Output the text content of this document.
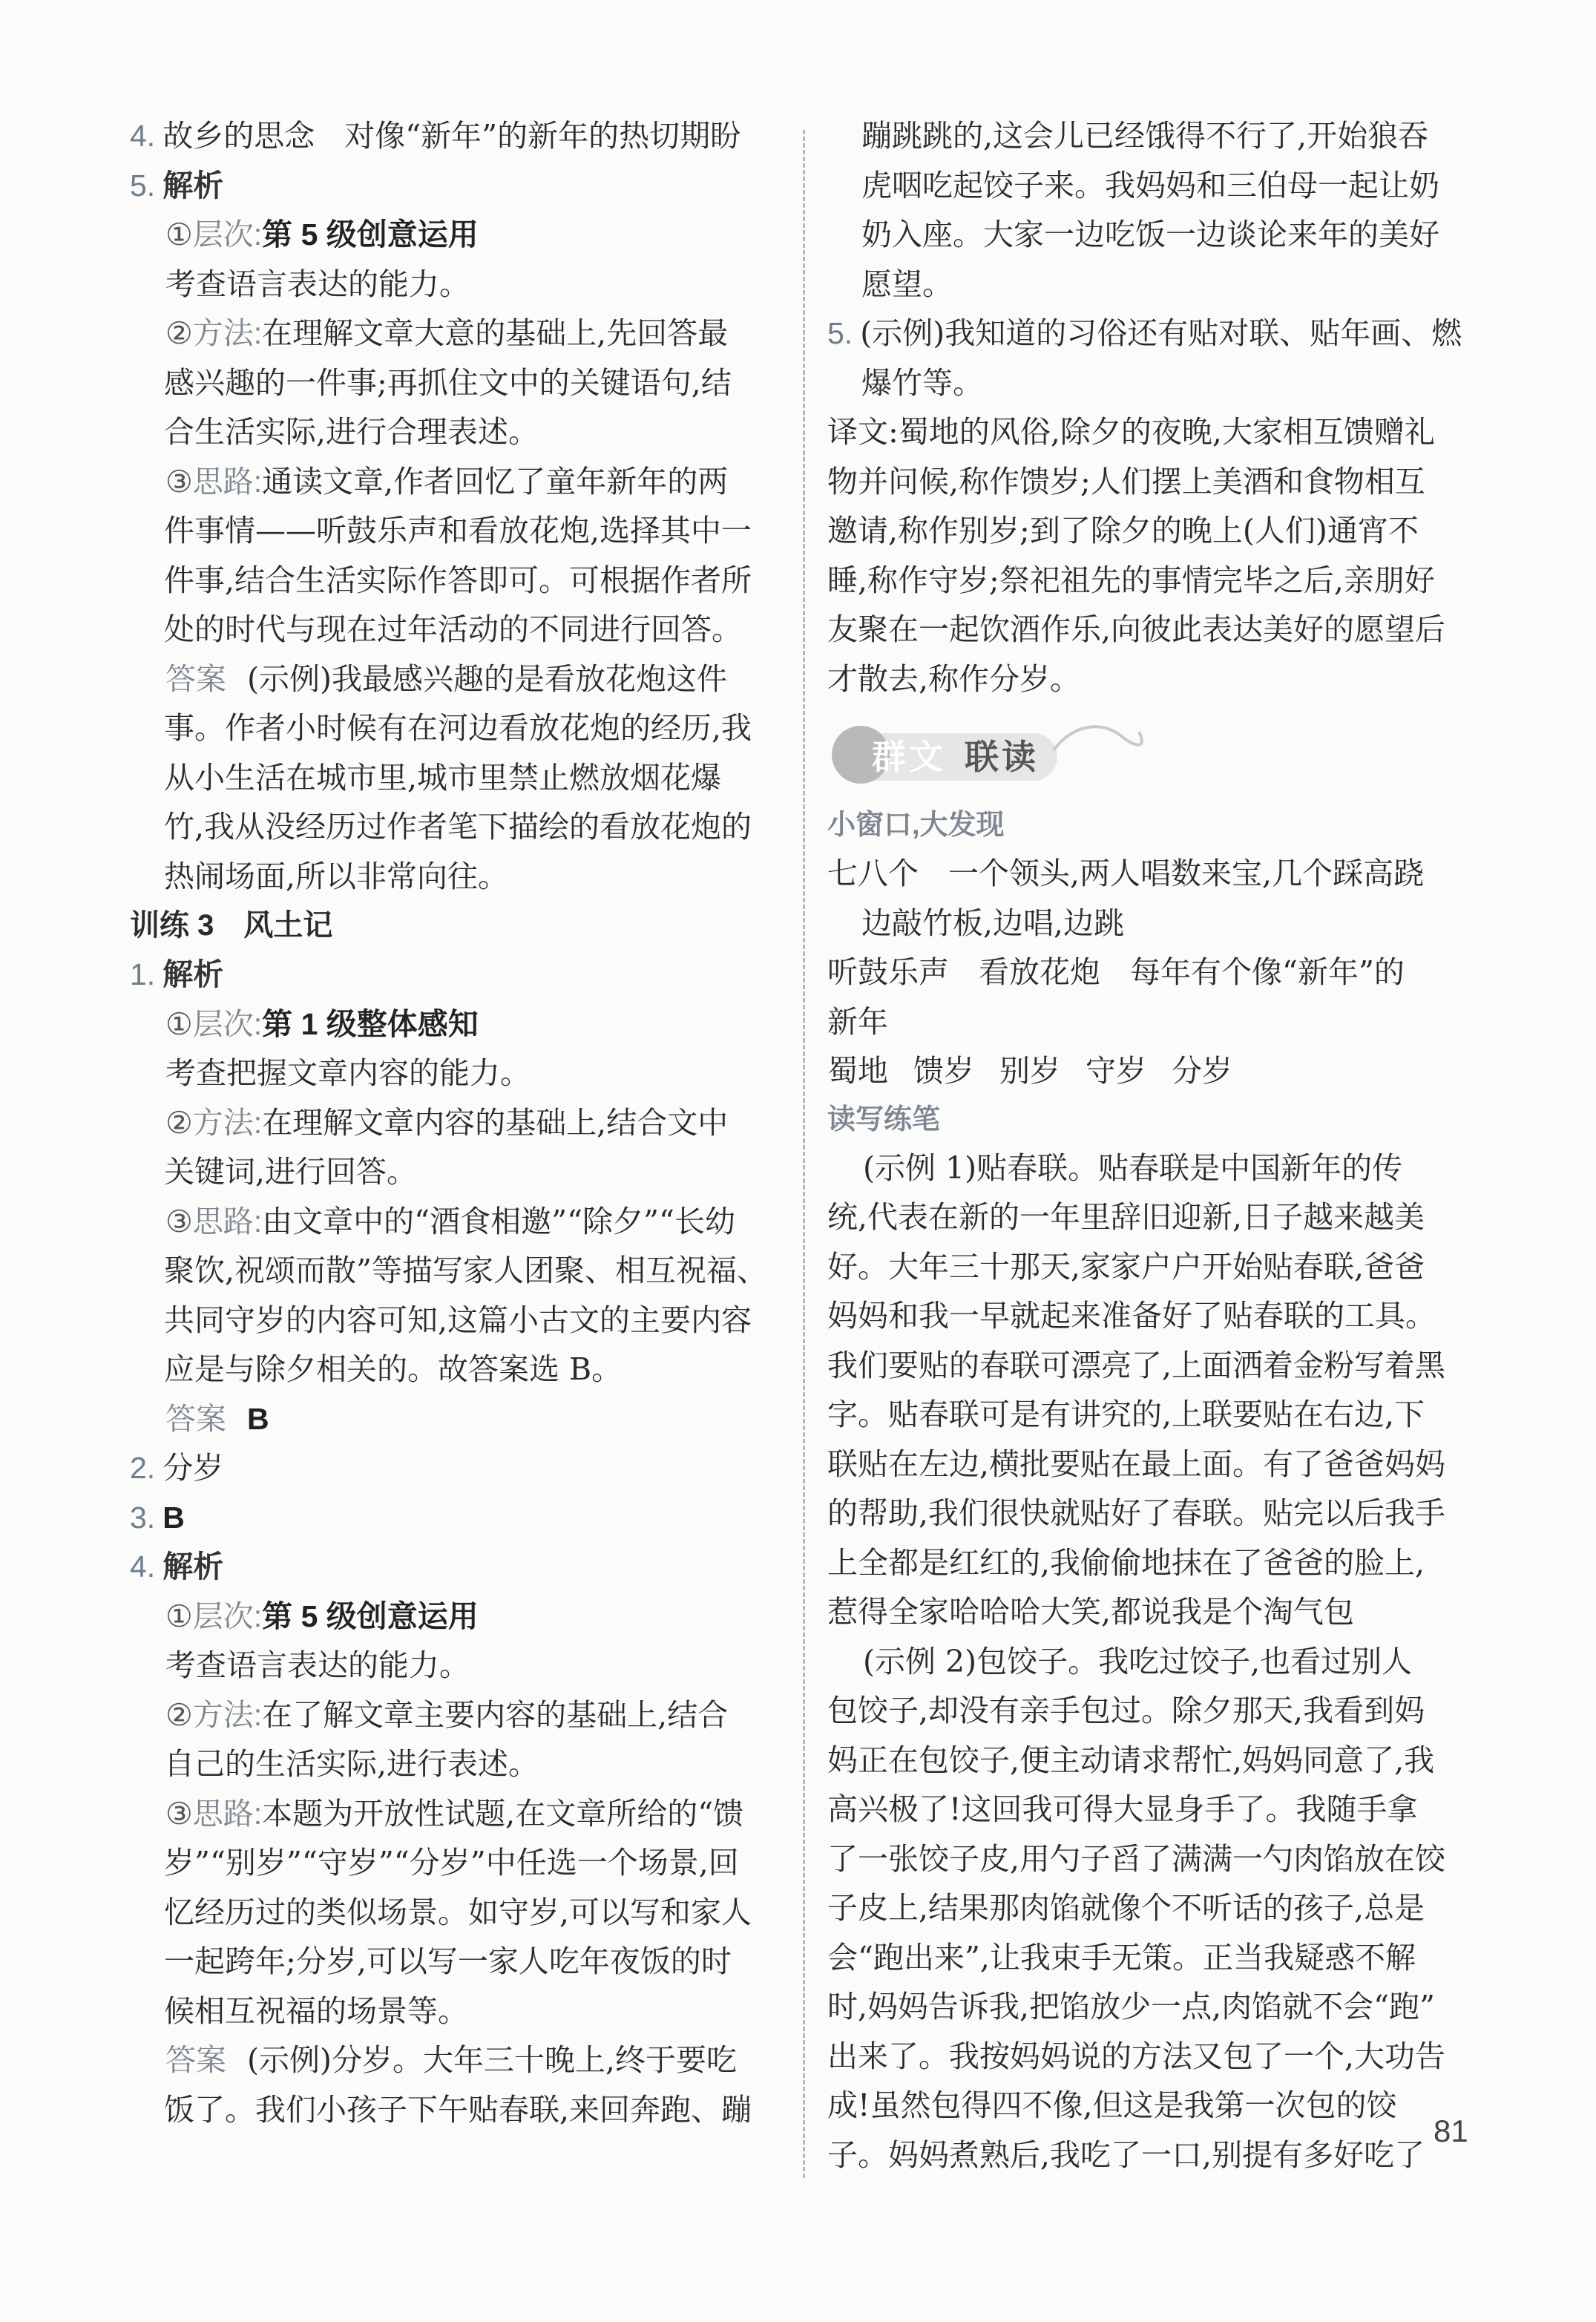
4. 故乡的思念 对像“新年”的新年的热切期盼

5. 解析

①层次:第 5 级创意运用

考查语言表达的能力。

②方法:在理解文章大意的基础上,先回答最

感兴趣的一件事;再抓住文中的关键语句,结

合生活实际,进行合理表述。

③思路:通读文章,作者回忆了童年新年的两

件事情——听鼓乐声和看放花炮,选择其中一

件事,结合生活实际作答即可。可根据作者所

处的时代与现在过年活动的不同进行回答。

答案 (示例)我最感兴趣的是看放花炮这件

事。作者小时候有在河边看放花炮的经历,我

从小生活在城市里,城市里禁止燃放烟花爆

竹,我从没经历过作者笔下描绘的看放花炮的

热闹场面,所以非常向往。

训练 3 风土记

1. 解析

①层次:第 1 级整体感知

考查把握文章内容的能力。

②方法:在理解文章内容的基础上,结合文中

关键词,进行回答。

③思路:由文章中的“酒食相邀”“除夕”“长幼

聚饮,祝颂而散”等描写家人团聚、相互祝福、

共同守岁的内容可知,这篇小古文的主要内容

应是与除夕相关的。故答案选 B。

答案 B

2. 分岁

3. B

4. 解析

①层次:第 5 级创意运用

考查语言表达的能力。

②方法:在了解文章主要内容的基础上,结合

自己的生活实际,进行表述。

③思路:本题为开放性试题,在文章所给的“馈

岁”“别岁”“守岁”“分岁”中任选一个场景,回

忆经历过的类似场景。如守岁,可以写和家人

一起跨年;分岁,可以写一家人吃年夜饭的时

候相互祝福的场景等。

答案 (示例)分岁。大年三十晚上,终于要吃

饭了。我们小孩子下午贴春联,来回奔跑、蹦

蹦跳跳的,这会儿已经饿得不行了,开始狼吞

虎咽吃起饺子来。我妈妈和三伯母一起让奶

奶入座。大家一边吃饭一边谈论来年的美好

愿望。

5. (示例)我知道的习俗还有贴对联、贴年画、燃

爆竹等。

译文:蜀地的风俗,除夕的夜晚,大家相互馈赠礼

物并问候,称作馈岁;人们摆上美酒和食物相互

邀请,称作别岁;到了除夕的晚上(人们)通宵不

睡,称作守岁;祭祀祖先的事情完毕之后,亲朋好

友聚在一起饮酒作乐,向彼此表达美好的愿望后

才散去,称作分岁。

群文 联读

小窗口,大发现

七八个 一个领头,两人唱数来宝,几个踩高跷

边敲竹板,边唱,边跳

听鼓乐声 看放花炮 每年有个像“新年”的

新年

蜀地 馈岁 别岁 守岁 分岁

读写练笔

(示例 1)贴春联。贴春联是中国新年的传

统,代表在新的一年里辞旧迎新,日子越来越美

好。大年三十那天,家家户户开始贴春联,爸爸

妈妈和我一早就起来准备好了贴春联的工具。

我们要贴的春联可漂亮了,上面洒着金粉写着黑

字。贴春联可是有讲究的,上联要贴在右边,下

联贴在左边,横批要贴在最上面。有了爸爸妈妈

的帮助,我们很快就贴好了春联。贴完以后我手

上全都是红红的,我偷偷地抹在了爸爸的脸上,

惹得全家哈哈哈大笑,都说我是个淘气包

(示例 2)包饺子。我吃过饺子,也看过别人

包饺子,却没有亲手包过。除夕那天,我看到妈

妈正在包饺子,便主动请求帮忙,妈妈同意了,我

高兴极了!这回我可得大显身手了。我随手拿

了一张饺子皮,用勺子舀了满满一勺肉馅放在饺

子皮上,结果那肉馅就像个不听话的孩子,总是

会“跑出来”,让我束手无策。正当我疑惑不解

时,妈妈告诉我,把馅放少一点,肉馅就不会“跑”

出来了。我按妈妈说的方法又包了一个,大功告

成!虽然包得四不像,但这是我第一次包的饺

子。妈妈煮熟后,我吃了一口,别提有多好吃了

81
